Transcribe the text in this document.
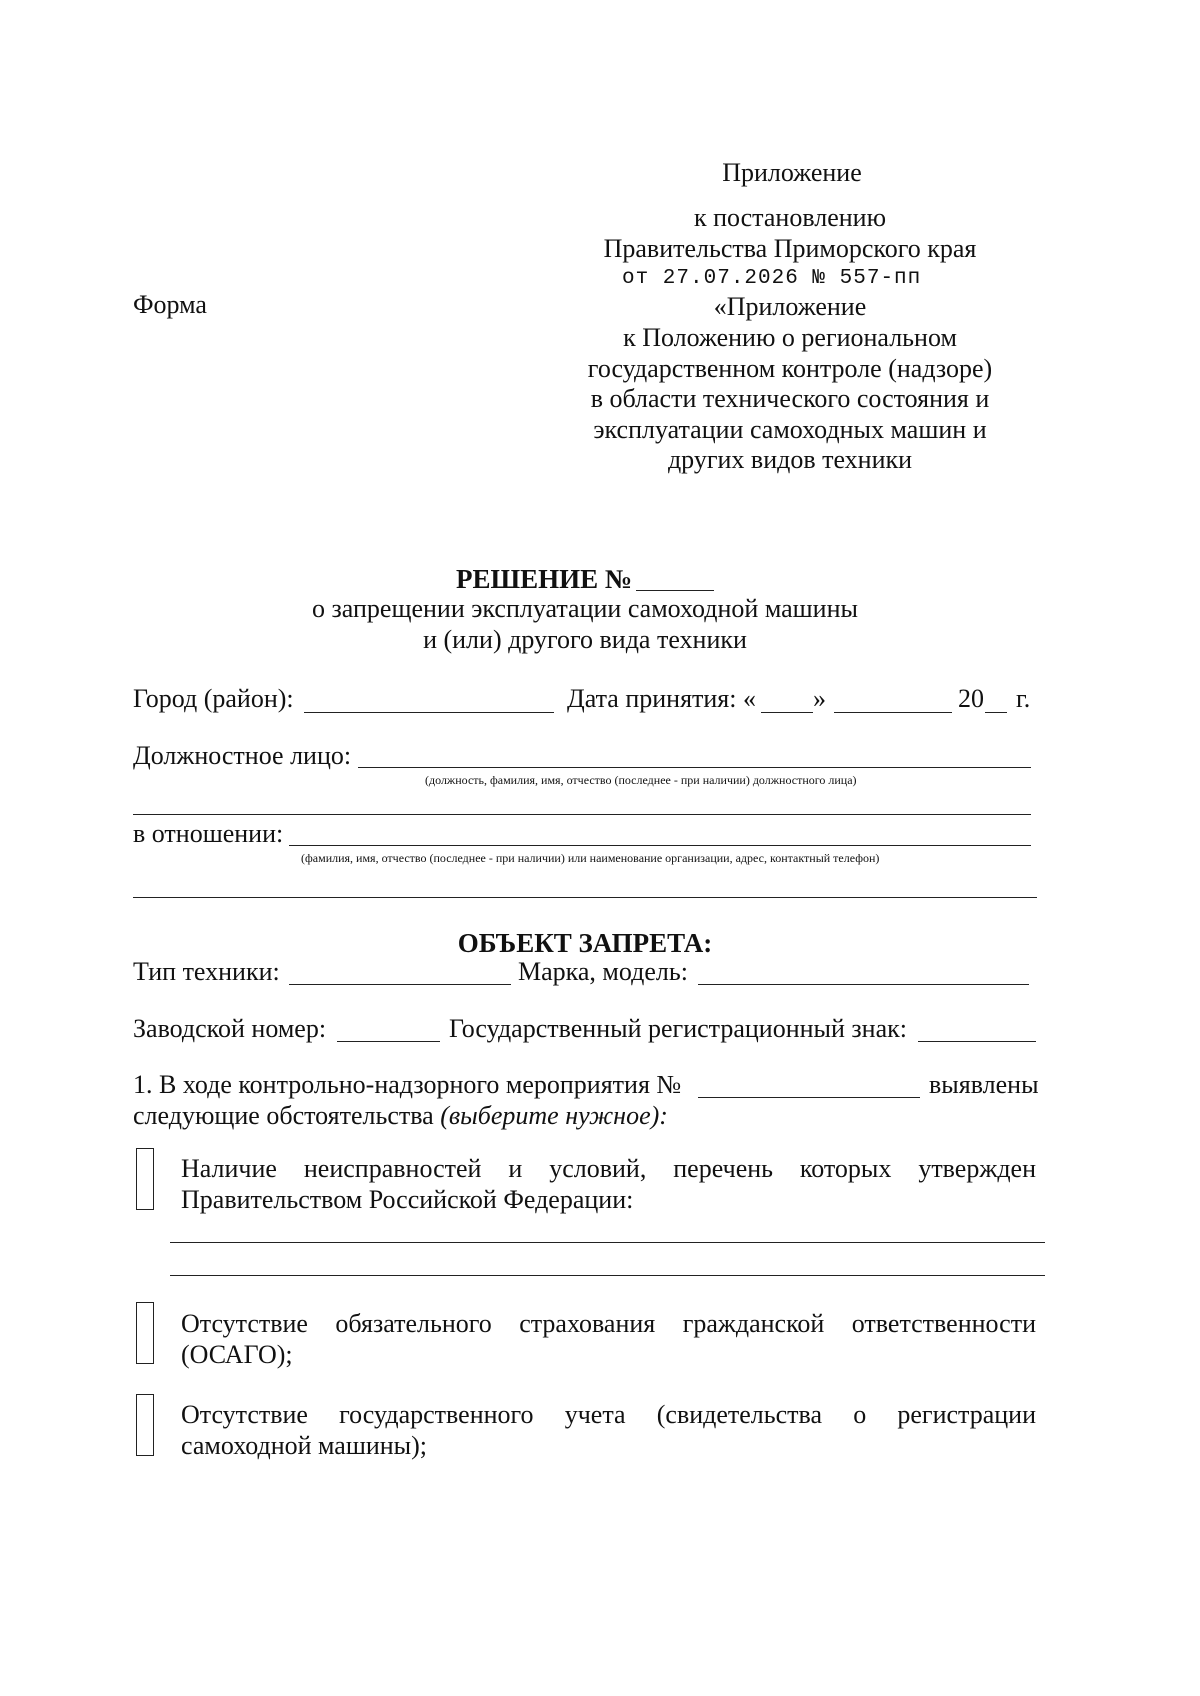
Приложение
к постановлению
Правительства Приморского края
от 27.07.2026 № 557-пп
«Приложение
к Положению о региональном
государственном контроле (надзоре)
в области технического состояния и
эксплуатации самоходных машин и
других видов техники
Форма
РЕШЕНИЕ №
о запрещении эксплуатации самоходной машины
и (или) другого вида техники
Город (район):	Дата принятия: « »	20 г.
Должностное лицо:
(должность, фамилия, имя, отчество (последнее - при наличии) должностного лица)
в отношении:
(фамилия, имя, отчество (последнее - при наличии) или наименование организации, адрес, контактный телефон)
ОБЪЕКТ ЗАПРЕТА:
Тип техники:	Марка, модель:
Заводской номер:	Государственный регистрационный знак:
1. В ходе контрольно-надзорного мероприятия №	выявлены
следующие обстоятельства (выберите нужное):
Наличие неисправностей и условий, перечень которых утвержден
Правительством Российской Федерации:
Отсутствие обязательного страхования гражданской ответственности
(ОСАГО);
Отсутствие государственного учета (свидетельства о регистрации
самоходной машины);
